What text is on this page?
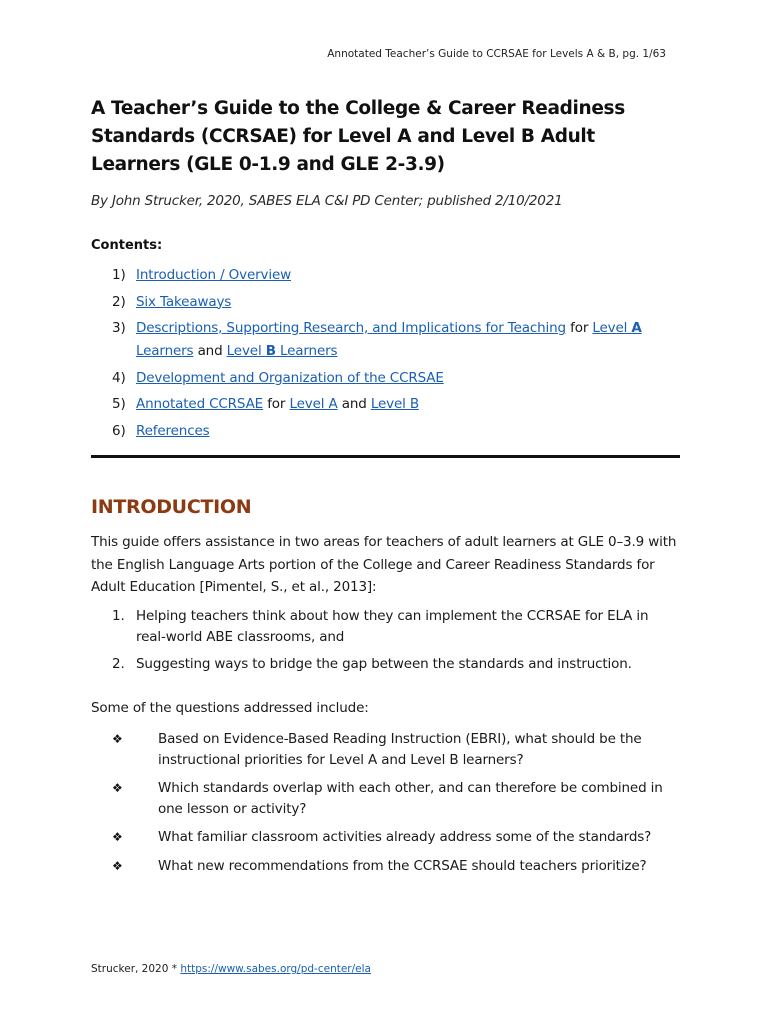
Annotated Teacher’s Guide to CCRSAE for Levels A & B, pg. 1/63
A Teacher’s Guide to the College & Career Readiness Standards (CCRSAE) for Level A and Level B Adult Learners (GLE 0-1.9 and GLE 2-3.9)
By John Strucker, 2020, SABES ELA C&I PD Center; published 2/10/2021
Contents:
1) Introduction / Overview
2) Six Takeaways
3) Descriptions, Supporting Research, and Implications for Teaching for Level A Learners and Level B Learners
4) Development and Organization of the CCRSAE
5) Annotated CCRSAE for Level A and Level B
6) References
INTRODUCTION

This guide offers assistance in two areas for teachers of adult learners at GLE 0–3.9 with the English Language Arts portion of the College and Career Readiness Standards for Adult Education [Pimentel, S., et al., 2013]:

1. Helping teachers think about how they can implement the CCRSAE for ELA in real-world ABE classrooms, and
2. Suggesting ways to bridge the gap between the standards and instruction.
Some of the questions addressed include:
❖	Based on Evidence-Based Reading Instruction (EBRI), what should be the instructional priorities for Level A and Level B learners?
❖	Which standards overlap with each other, and can therefore be combined in one lesson or activity?
❖	What familiar classroom activities already address some of the standards?
❖	What new recommendations from the CCRSAE should teachers prioritize?
Strucker, 2020 * https://www.sabes.org/pd-center/ela
